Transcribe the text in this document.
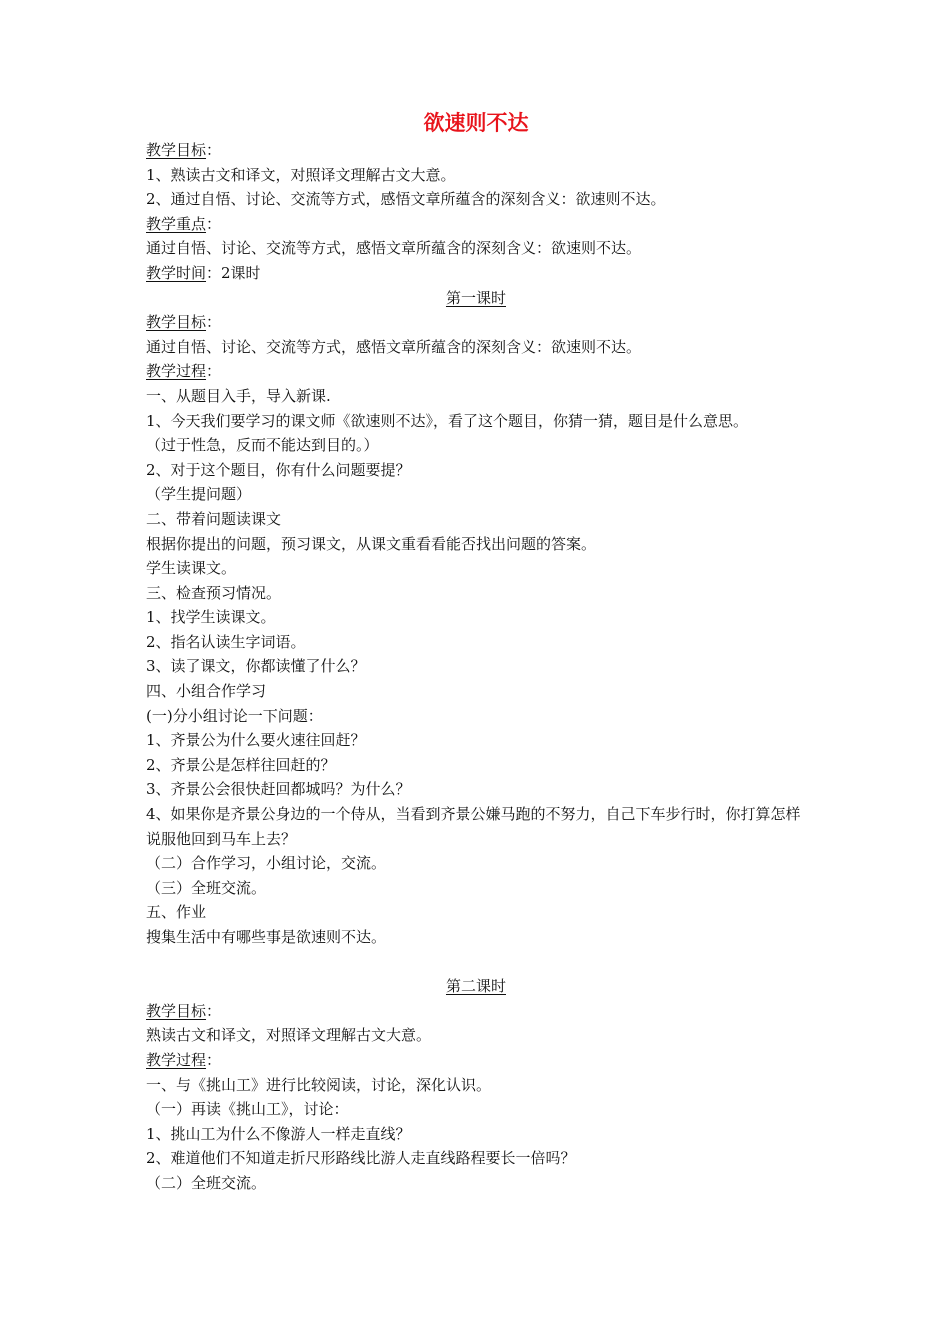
欲速则不达
教学目标：
1、熟读古文和译文，对照译文理解古文大意。
2、通过自悟、讨论、交流等方式，感悟文章所蕴含的深刻含义：欲速则不达。
教学重点：
通过自悟、讨论、交流等方式，感悟文章所蕴含的深刻含义：欲速则不达。
教学时间：2课时
第一课时
教学目标：
通过自悟、讨论、交流等方式，感悟文章所蕴含的深刻含义：欲速则不达。
教学过程：
一、从题目入手，导入新课.
1、今天我们要学习的课文师《欲速则不达》，看了这个题目，你猜一猜，题目是什么意思。
（过于性急，反而不能达到目的。）
2、对于这个题目，你有什么问题要提？
（学生提问题）
二、带着问题读课文
根据你提出的问题，预习课文，从课文重看看能否找出问题的答案。
学生读课文。
三、检查预习情况。
1、找学生读课文。
2、指名认读生字词语。
3、读了课文，你都读懂了什么？
四、小组合作学习
(一)分小组讨论一下问题：
1、齐景公为什么要火速往回赶？
2、齐景公是怎样往回赶的？
3、齐景公会很快赶回都城吗？为什么？
4、如果你是齐景公身边的一个侍从，当看到齐景公嫌马跑的不努力，自己下车步行时，你打算怎样说服他回到马车上去？
（二）合作学习，小组讨论，交流。
（三）全班交流。
五、作业
搜集生活中有哪些事是欲速则不达。
第二课时
教学目标：
熟读古文和译文，对照译文理解古文大意。
教学过程：
一、与《挑山工》进行比较阅读，讨论，深化认识。
（一）再读《挑山工》，讨论：
1、挑山工为什么不像游人一样走直线？
2、难道他们不知道走折尺形路线比游人走直线路程要长一倍吗？
（二）全班交流。
